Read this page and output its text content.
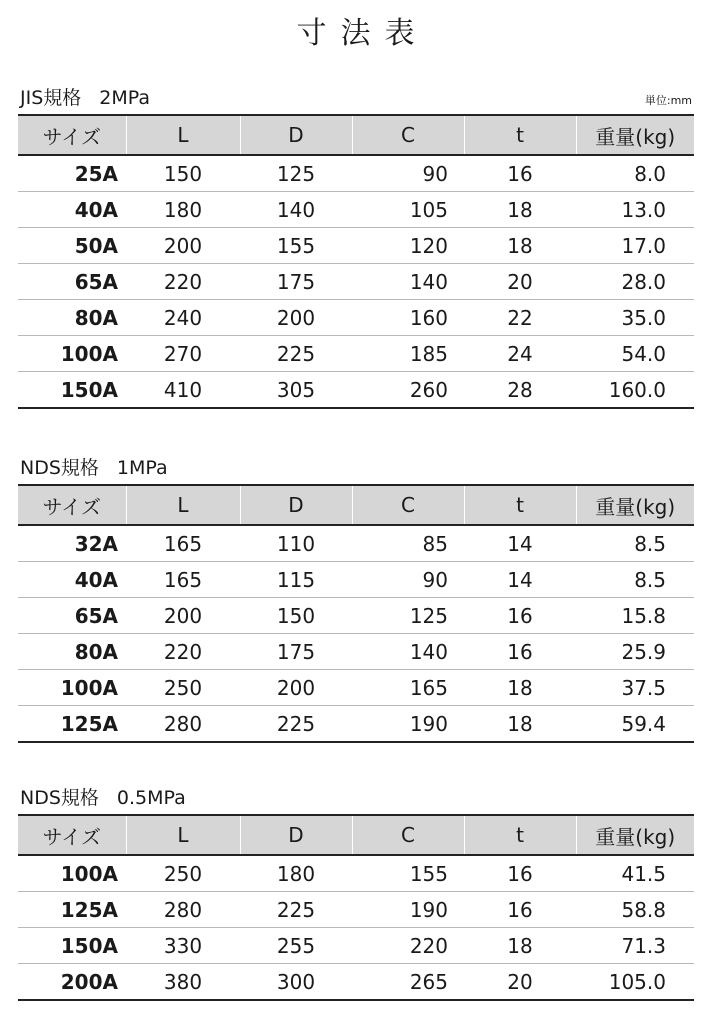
寸法表
JIS規格 2MPa	単位:mm
サイズ	L	D	C	t	重量(kg)
25A	150	125	90	16	8.0
40A	180	140	105	18	13.0
50A	200	155	120	18	17.0
65A	220	175	140	20	28.0
80A	240	200	160	22	35.0
100A	270	225	185	24	54.0
150A	410	305	260	28	160.0
NDS規格 1MPa
サイズ	L	D	C	t	重量(kg)
32A	165	110	85	14	8.5
40A	165	115	90	14	8.5
65A	200	150	125	16	15.8
80A	220	175	140	16	25.9
100A	250	200	165	18	37.5
125A	280	225	190	18	59.4
NDS規格 0.5MPa
サイズ	L	D	C	t	重量(kg)
100A	250	180	155	16	41.5
125A	280	225	190	16	58.8
150A	330	255	220	18	71.3
200A	380	300	265	20	105.0
